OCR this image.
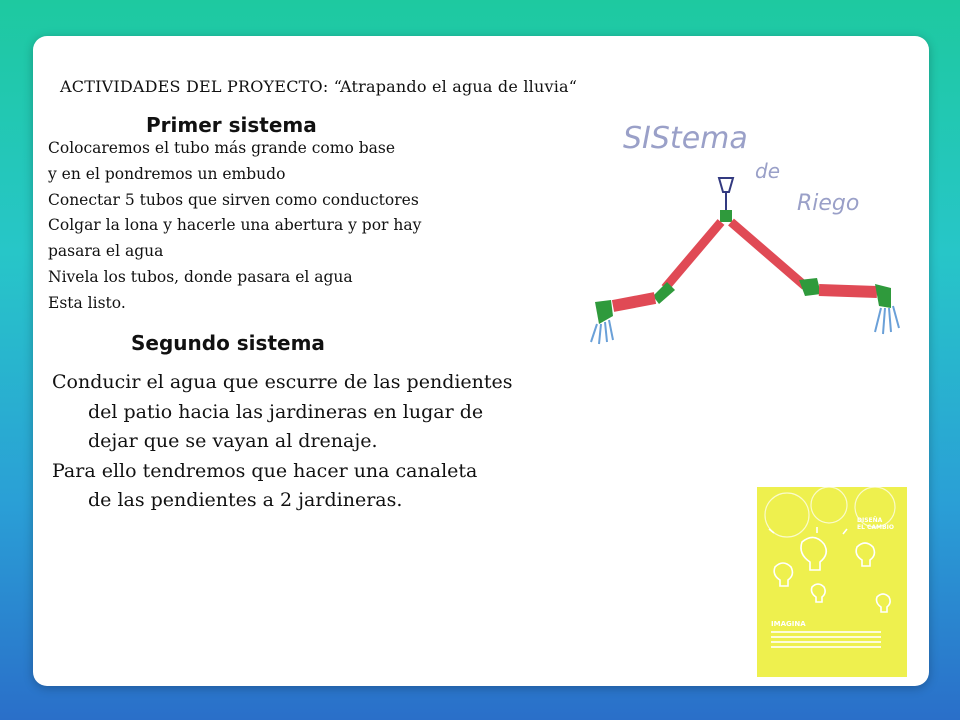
ACTIVIDADES DEL PROYECTO: “Atrapando el agua de lluvia“
Primer sistema
Colocaremos el tubo más grande como base
y en el pondremos un embudo
Conectar 5 tubos que sirven como conductores
Colgar la lona y hacerle una abertura y por hay
pasara el agua
Nivela los tubos, donde pasara el agua
Esta listo.
Segundo sistema
Conducir el agua que escurre de las pendientes
del patio hacia las jardineras en lugar de
dejar que se vayan al drenaje.
Para ello tendremos que hacer una canaleta
de las pendientes a 2 jardineras.
SIStema
de
Riego
DISEÑA
EL CAMBIO
IMAGINA
